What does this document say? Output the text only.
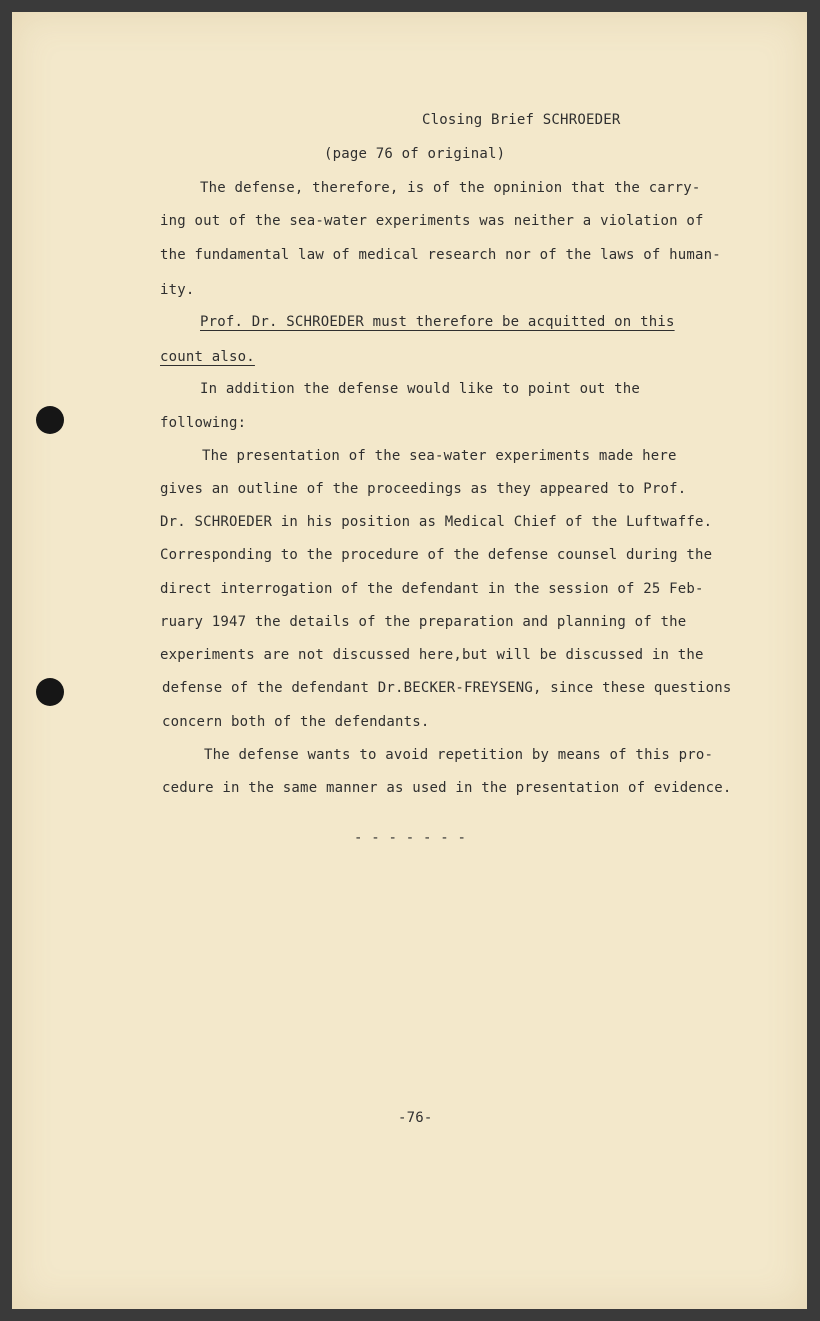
Closing Brief SCHROEDER
(page 76 of original)
The defense, therefore, is of the opninion that the carry-
ing out of the sea-water experiments was neither a violation of
the fundamental law of medical research nor of the laws of human-
ity.
Prof. Dr. SCHROEDER must therefore be acquitted on this
count also.
In addition the defense would like to point out the
following:
The presentation of the sea-water experiments made here
gives an outline of the proceedings as they appeared to Prof.
Dr. SCHROEDER in his position as Medical Chief of the Luftwaffe.
Corresponding to the procedure of the defense counsel during the
direct interrogation of the defendant in the session of 25 Feb-
ruary 1947 the details of the preparation and planning of the
experiments are not discussed here,but will be discussed in the
defense of the defendant Dr.BECKER-FREYSENG, since these questions
concern both of the defendants.
The defense wants to avoid repetition by means of this pro-
cedure in the same manner as used in the presentation of evidence.
- - - - - - -
-76-
